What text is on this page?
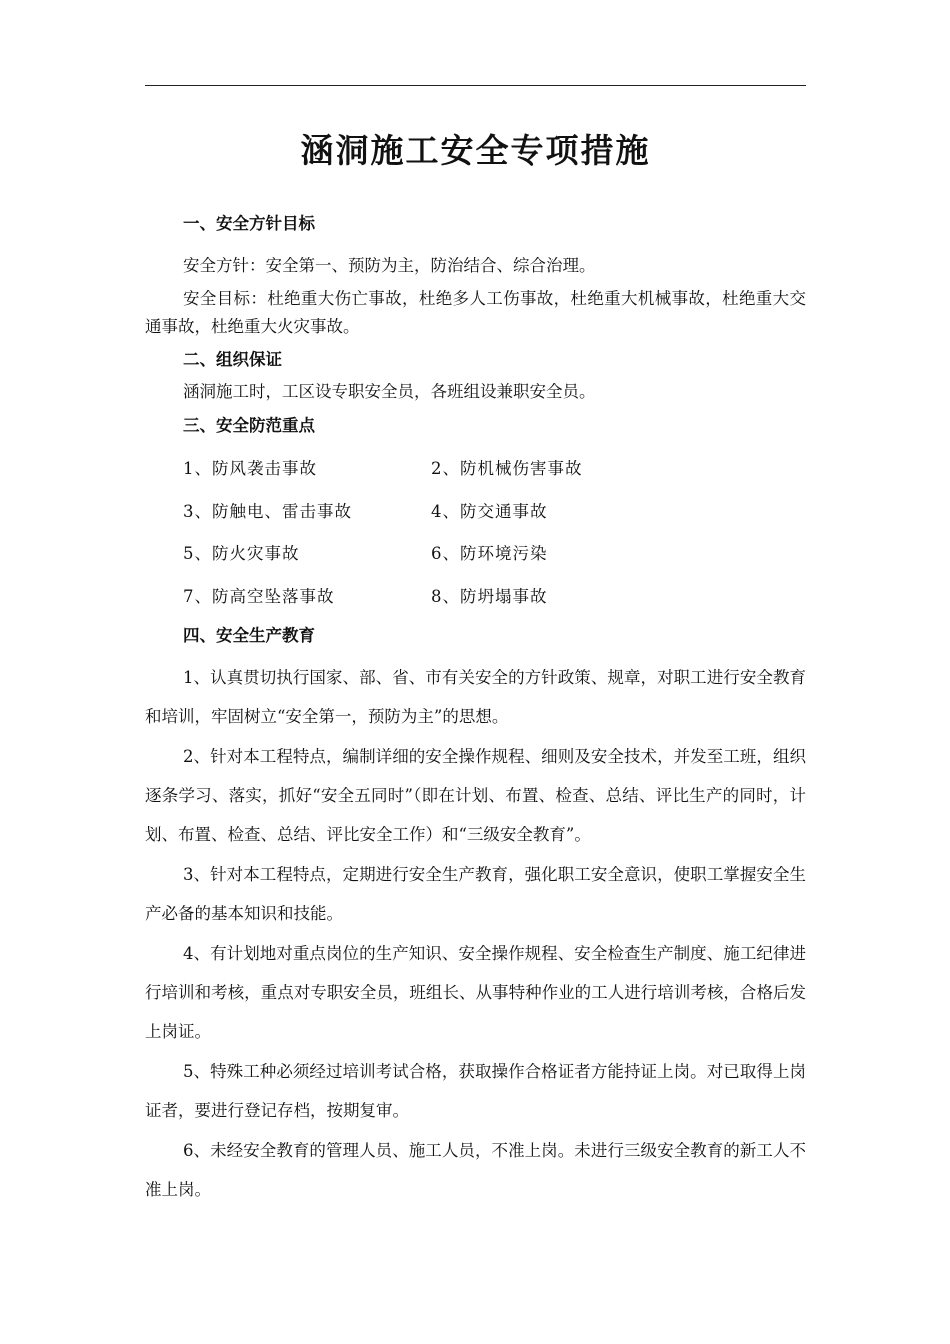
涵洞施工安全专项措施
一、安全方针目标
安全方针：安全第一、预防为主，防治结合、综合治理。
安全目标：杜绝重大伤亡事故，杜绝多人工伤事故，杜绝重大机械事故，杜绝重大交通事故，杜绝重大火灾事故。
二、组织保证
涵洞施工时，工区设专职安全员，各班组设兼职安全员。
三、安全防范重点
1、防风袭击事故	2、防机械伤害事故
3、防触电、雷击事故	4、防交通事故
5、防火灾事故	6、防环境污染
7、防高空坠落事故	8、防坍塌事故
四、安全生产教育
1、认真贯切执行国家、部、省、市有关安全的方针政策、规章，对职工进行安全教育和培训，牢固树立“安全第一，预防为主”的思想。
2、针对本工程特点，编制详细的安全操作规程、细则及安全技术，并发至工班，组织逐条学习、落实，抓好“安全五同时”（即在计划、布置、检查、总结、评比生产的同时，计划、布置、检查、总结、评比安全工作）和“三级安全教育”。
3、针对本工程特点，定期进行安全生产教育，强化职工安全意识，使职工掌握安全生产必备的基本知识和技能。
4、有计划地对重点岗位的生产知识、安全操作规程、安全检查生产制度、施工纪律进行培训和考核，重点对专职安全员，班组长、从事特种作业的工人进行培训考核，合格后发上岗证。
5、特殊工种必须经过培训考试合格，获取操作合格证者方能持证上岗。对已取得上岗证者，要进行登记存档，按期复审。
6、未经安全教育的管理人员、施工人员，不准上岗。未进行三级安全教育的新工人不准上岗。
